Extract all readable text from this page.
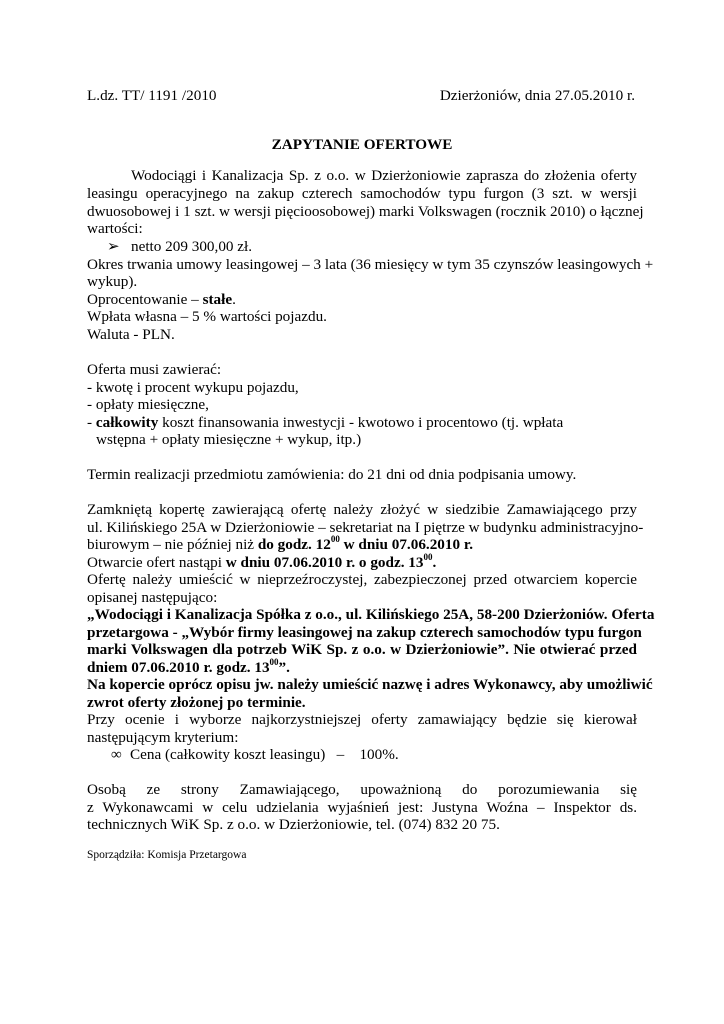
L.dz. TT/ 1191 /2010	Dzierżoniów, dnia 27.05.2010 r.
ZAPYTANIE OFERTOWE
Wodociągi i Kanalizacja Sp. z o.o. w Dzierżoniowie zaprasza do złożenia oferty
leasingu operacyjnego na zakup czterech samochodów typu furgon (3 szt. w wersji
dwuosobowej i 1 szt. w wersji pięcioosobowej) marki Volkswagen (rocznik 2010) o łącznej
wartości:
➢ netto 209 300,00 zł.
Okres trwania umowy leasingowej – 3 lata (36 miesięcy w tym 35 czynszów leasingowych +
wykup).
Oprocentowanie – stałe.
Wpłata własna – 5 % wartości pojazdu.
Waluta - PLN.
Oferta musi zawierać:
- kwotę i procent wykupu pojazdu,
- opłaty miesięczne,
- całkowity koszt finansowania inwestycji - kwotowo i procentowo (tj. wpłata
wstępna + opłaty miesięczne + wykup, itp.)
Termin realizacji przedmiotu zamówienia: do 21 dni od dnia podpisania umowy.
Zamkniętą kopertę zawierającą ofertę należy złożyć w siedzibie Zamawiającego przy
ul. Kilińskiego 25A w Dzierżoniowie – sekretariat na I piętrze w budynku administracyjno-
biurowym – nie później niż do godz. $12^{00}$ w dniu 07.06.2010 r.
Otwarcie ofert nastąpi w dniu 07.06.2010 r. o godz. $13^{00}$.
Ofertę należy umieścić w nieprzeźroczystej, zabezpieczonej przed otwarciem kopercie
opisanej następująco:
„Wodociągi i Kanalizacja Spółka z o.o., ul. Kilińskiego 25A, 58-200 Dzierżoniów. Oferta
przetargowa - „Wybór firmy leasingowej na zakup czterech samochodów typu furgon
marki Volkswagen dla potrzeb WiK Sp. z o.o. w Dzierżoniowie”. Nie otwierać przed
dniem 07.06.2010 r. godz. $13^{00}$”.
Na kopercie oprócz opisu jw. należy umieścić nazwę i adres Wykonawcy, aby umożliwić
zwrot oferty złożonej po terminie.
Przy ocenie i wyborze najkorzystniejszej oferty zamawiający będzie się kierował
następującym kryterium:
∞ Cena (całkowity koszt leasingu)   –    100%.
Osobą ze strony Zamawiającego, upoważnioną do porozumiewania się
z Wykonawcami w celu udzielania wyjaśnień jest: Justyna Woźna – Inspektor ds.
technicznych WiK Sp. z o.o. w Dzierżoniowie, tel. (074) 832 20 75.
Sporządziła: Komisja Przetargowa
